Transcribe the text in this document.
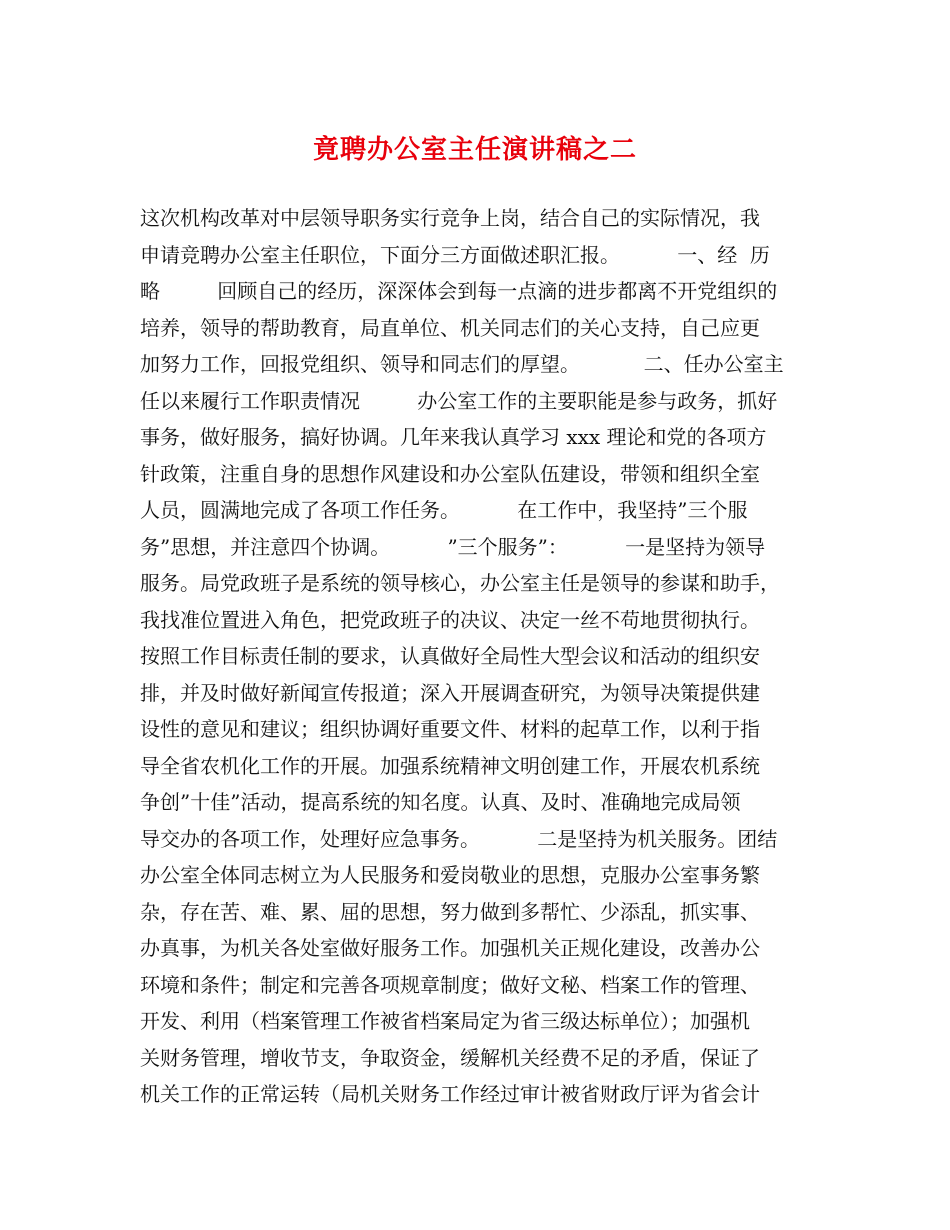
竟聘办公室主任演讲稿之二
这次机构改革对中层领导职务实行竞争上岗，结合自己的实际情况，我
申请竞聘办公室主任职位，下面分三方面做述职汇报。         一、经  历
略         回顾自己的经历，深深体会到每一点滴的进步都离不开党组织的
培养，领导的帮助教育，局直单位、机关同志们的关心支持，自己应更
加努力工作，回报党组织、领导和同志们的厚望。          二、任办公室主
任以来履行工作职责情况         办公室工作的主要职能是参与政务，抓好
事务，做好服务，搞好协调。几年来我认真学习 xxx 理论和党的各项方
针政策，注重自身的思想作风建设和办公室队伍建设，带领和组织全室
人员，圆满地完成了各项工作任务。         在工作中，我坚持”三个服
务”思想，并注意四个协调。         ”三个服务”：         一是坚持为领导
服务。局党政班子是系统的领导核心，办公室主任是领导的参谋和助手，
我找准位置进入角色，把党政班子的决议、决定一丝不苟地贯彻执行。
按照工作目标责任制的要求，认真做好全局性大型会议和活动的组织安
排，并及时做好新闻宣传报道；深入开展调查研究，为领导决策提供建
设性的意见和建议；组织协调好重要文件、材料的起草工作，以利于指
导全省农机化工作的开展。加强系统精神文明创建工作，开展农机系统
争创”十佳”活动，提高系统的知名度。认真、及时、准确地完成局领
导交办的各项工作，处理好应急事务。         二是坚持为机关服务。团结
办公室全体同志树立为人民服务和爱岗敬业的思想，克服办公室事务繁
杂，存在苦、难、累、屈的思想，努力做到多帮忙、少添乱，抓实事、
办真事，为机关各处室做好服务工作。加强机关正规化建设，改善办公
环境和条件；制定和完善各项规章制度；做好文秘、档案工作的管理、
开发、利用（档案管理工作被省档案局定为省三级达标单位）；加强机
关财务管理，增收节支，争取资金，缓解机关经费不足的矛盾，保证了
机关工作的正常运转（局机关财务工作经过审计被省财政厅评为省会计
